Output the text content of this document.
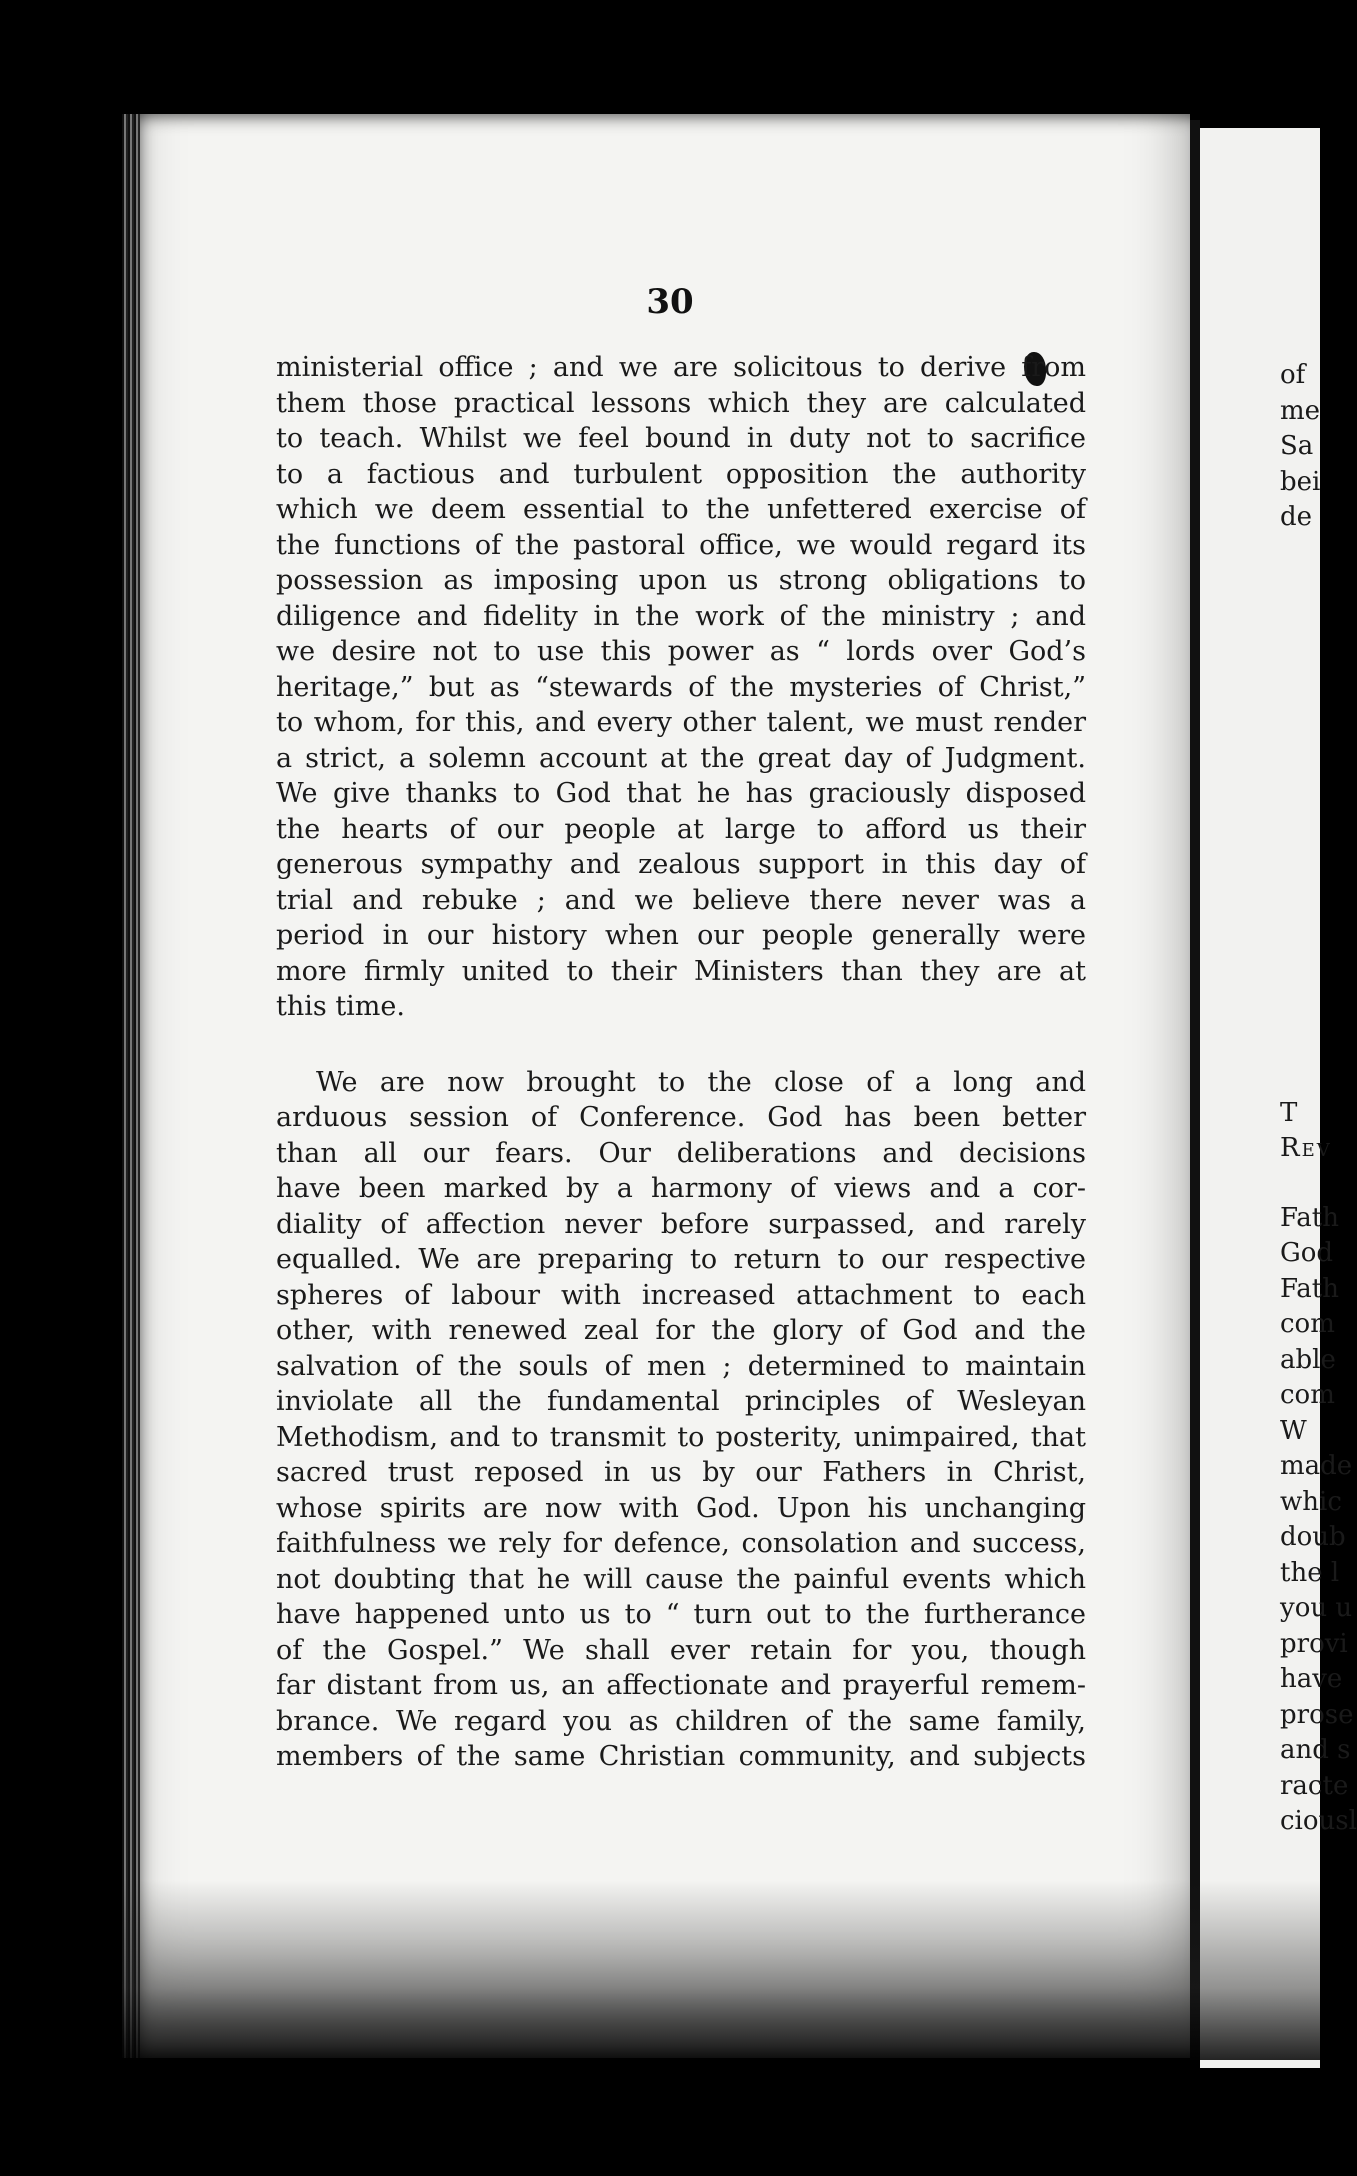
30
ministerial office ; and we are solicitous to derive from
them those practical lessons which they are calculated
to teach. Whilst we feel bound in duty not to sacrifice
to a factious and turbulent opposition the authority
which we deem essential to the unfettered exercise of
the functions of the pastoral office, we would regard its
possession as imposing upon us strong obligations to
diligence and fidelity in the work of the ministry ; and
we desire not to use this power as “ lords over God’s
heritage,” but as “stewards of the mysteries of Christ,”
to whom, for this, and every other talent, we must render
a strict, a solemn account at the great day of Judgment.
We give thanks to God that he has graciously disposed
the hearts of our people at large to afford us their
generous sympathy and zealous support in this day of
trial and rebuke ; and we believe there never was a
period in our history when our people generally were
more firmly united to their Ministers than they are at
this time.
We are now brought to the close of a long and
arduous session of Conference. God has been better
than all our fears. Our deliberations and decisions
have been marked by a harmony of views and a cor-
diality of affection never before surpassed, and rarely
equalled. We are preparing to return to our respective
spheres of labour with increased attachment to each
other, with renewed zeal for the glory of God and the
salvation of the souls of men ; determined to maintain
inviolate all the fundamental principles of Wesleyan
Methodism, and to transmit to posterity, unimpaired, that
sacred trust reposed in us by our Fathers in Christ,
whose spirits are now with God. Upon his unchanging
faithfulness we rely for defence, consolation and success,
not doubting that he will cause the painful events which
have happened unto us to “ turn out to the furtherance
of the Gospel.” We shall ever retain for you, though
far distant from us, an affectionate and prayerful remem-
brance. We regard you as children of the same family,
members of the same Christian community, and subjects
of
me
Sa
bei
de
T
Rev
Fath
God
Fath
com
able
com
W
made
whic
doub
the l
you u
provi
have
prose
and s
racte
ciousl
